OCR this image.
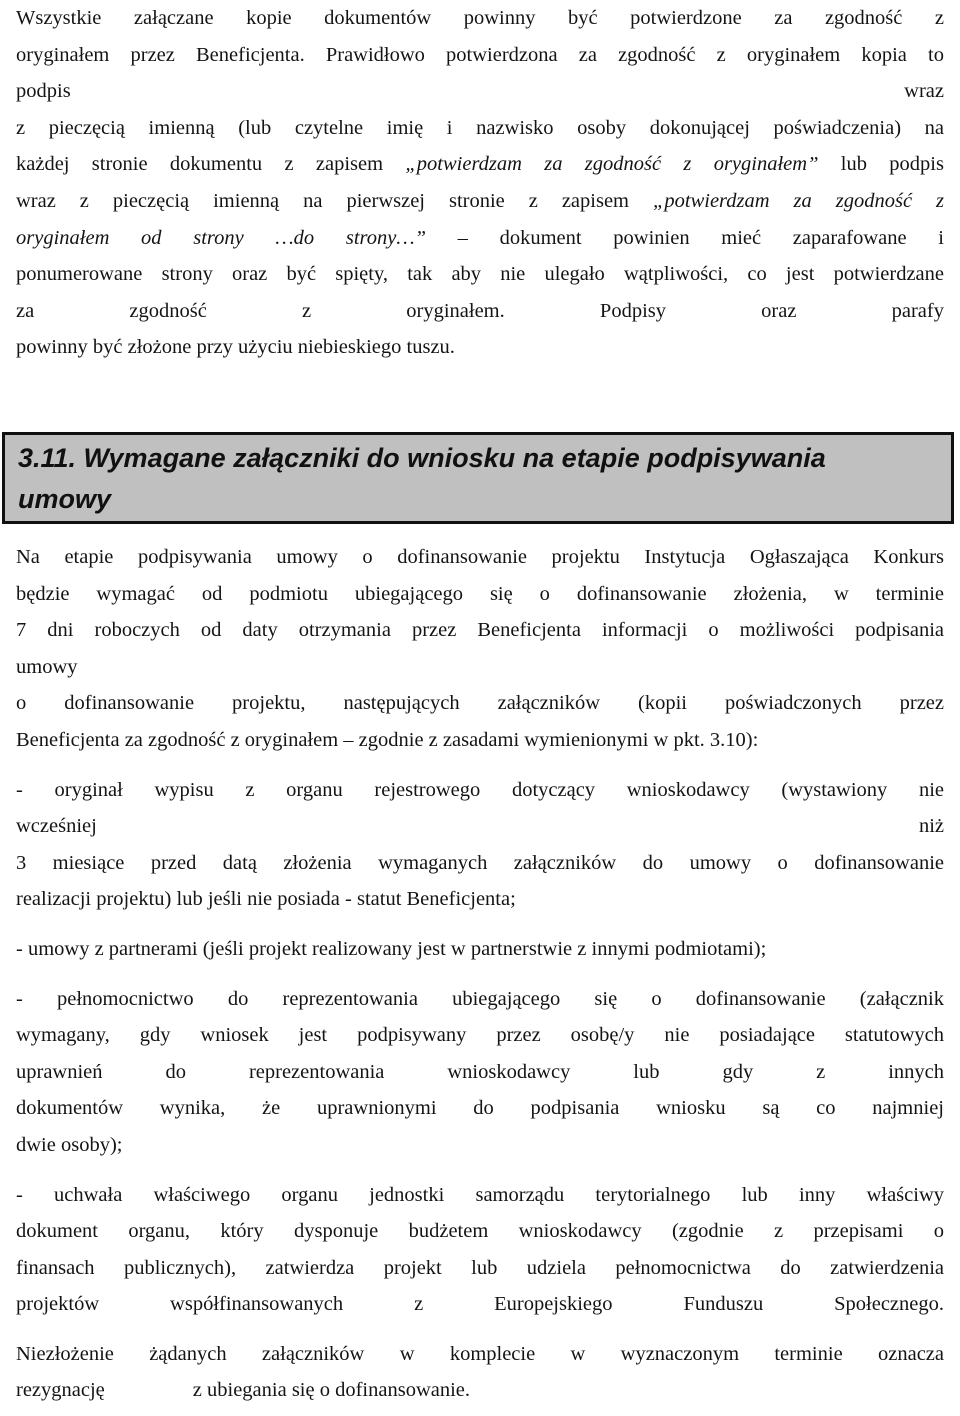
Wszystkie załączane kopie dokumentów powinny być potwierdzone za zgodność z
oryginałem przez Beneficjenta. Prawidłowo potwierdzona za zgodność z oryginałem kopia to
podpis	wraz
z pieczęcią imienną (lub czytelne imię i nazwisko osoby dokonującej poświadczenia) na
każdej stronie dokumentu z zapisem „potwierdzam za zgodność z oryginałem” lub podpis
wraz z pieczęcią imienną na pierwszej stronie z zapisem „potwierdzam za zgodność z
oryginałem od strony …do strony…” – dokument powinien mieć zaparafowane i
ponumerowane strony oraz być spięty, tak aby nie ulegało wątpliwości, co jest potwierdzane
za zgodność z oryginałem. Podpisy oraz parafy
powinny być złożone przy użyciu niebieskiego tuszu.
3.11. Wymagane załączniki do wniosku na etapie podpisywania
umowy
Na etapie podpisywania umowy o dofinansowanie projektu Instytucja Ogłaszająca Konkurs
będzie wymagać od podmiotu ubiegającego się o dofinansowanie złożenia, w terminie
7 dni roboczych od daty otrzymania przez Beneficjenta informacji o możliwości podpisania
umowy
o dofinansowanie projektu, następujących załączników (kopii poświadczonych przez
Beneficjenta za zgodność z oryginałem – zgodnie z zasadami wymienionymi w pkt. 3.10):
- oryginał wypisu z organu rejestrowego dotyczący wnioskodawcy (wystawiony nie
wcześniej	niż
3 miesiące przed datą złożenia wymaganych załączników do umowy o dofinansowanie
realizacji projektu) lub jeśli nie posiada - statut Beneficjenta;
- umowy z partnerami (jeśli projekt realizowany jest w partnerstwie z innymi podmiotami);
- pełnomocnictwo do reprezentowania ubiegającego się o dofinansowanie (załącznik
wymagany, gdy wniosek jest podpisywany przez osobę/y nie posiadające statutowych
uprawnień	do reprezentowania wnioskodawcy lub gdy z innych
dokumentów wynika, że uprawnionymi do podpisania wniosku są co najmniej
dwie osoby);
- uchwała właściwego organu jednostki samorządu terytorialnego lub inny właściwy
dokument organu, który dysponuje budżetem wnioskodawcy (zgodnie z przepisami o
finansach publicznych), zatwierdza projekt lub udziela pełnomocnictwa do zatwierdzenia
projektów współfinansowanych	z Europejskiego Funduszu Społecznego.
Niezłożenie żądanych załączników w komplecie w wyznaczonym terminie oznacza
rezygnację	z ubiegania się o dofinansowanie.
